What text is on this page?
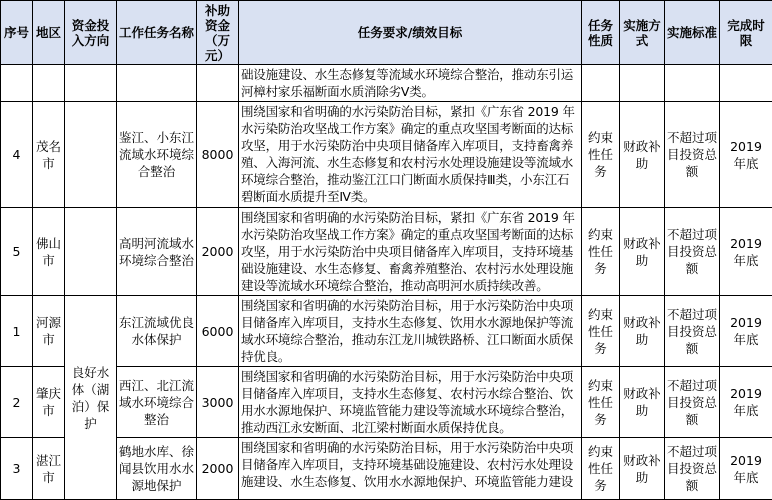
序号	地区	资金投入方向	工作任务名称	补助资金（万元）	任务要求/绩效目标	任务性质	实施方式	实施标准	完成时限
					础设施建设、水生态修复等流域水环境综合整治，推动东引运河樟村家乐福断面水质消除劣Ⅴ类。				
4	茂名市		鉴江、小东江流域水环境综合整治	8000	围绕国家和省明确的水污染防治目标，紧扣《广东省 2019 年水污染防治攻坚战工作方案》确定的重点攻坚国考断面的达标攻坚，用于水污染防治中央项目储备库入库项目，支持畜禽养殖、入海河流、水生态修复和农村污水处理设施建设等流域水环境综合整治，推动鉴江江口门断面水质保持Ⅲ类，小东江石碧断面水质提升至Ⅳ类。	约束性任务	财政补助	不超过项目投资总额	2019 年底
5	佛山市		高明河流域水环境综合整治	2000	围绕国家和省明确的水污染防治目标，紧扣《广东省 2019 年水污染防治攻坚战工作方案》确定的重点攻坚国考断面的达标攻坚，用于水污染防治中央项目储备库入库项目，支持环境基础设施建设、水生态修复、畜禽养殖整治、农村污水处理设施建设等流域水环境综合整治，推动高明河水质持续改善。	约束性任务	财政补助	不超过项目投资总额	2019 年底
1	河源市	良好水体（湖泊）保护	东江流域优良水体保护	6000	围绕国家和省明确的水污染防治目标，用于水污染防治中央项目储备库入库项目，支持水生态修复、饮用水水源地保护等流域水环境综合整治，推动东江龙川城铁路桥、江口断面水质保持优良。	约束性任务	财政补助	不超过项目投资总额	2019 年底
2	肇庆市		西江、北江流域水环境综合整治	3000	围绕国家和省明确的水污染防治目标，用于水污染防治中央项目储备库入库项目，支持水生态修复、农村污水综合整治、饮用水水源地保护、环境监管能力建设等流域水环境综合整治，推动西江永安断面、北江梁村断面水质保持优良。	约束性任务	财政补助	不超过项目投资总额	2019 年底
3	湛江市		鹤地水库、徐闻县饮用水水源地保护	2000	围绕国家和省明确的水污染防治目标，用于水污染防治中央项目储备库入库项目，支持环境基础设施建设、农村污水处理设施建设、水生态修复、饮用水水源地保护、环境监管能力建设	约束性任务	财政补助	不超过项目投资总额	2019 年底
